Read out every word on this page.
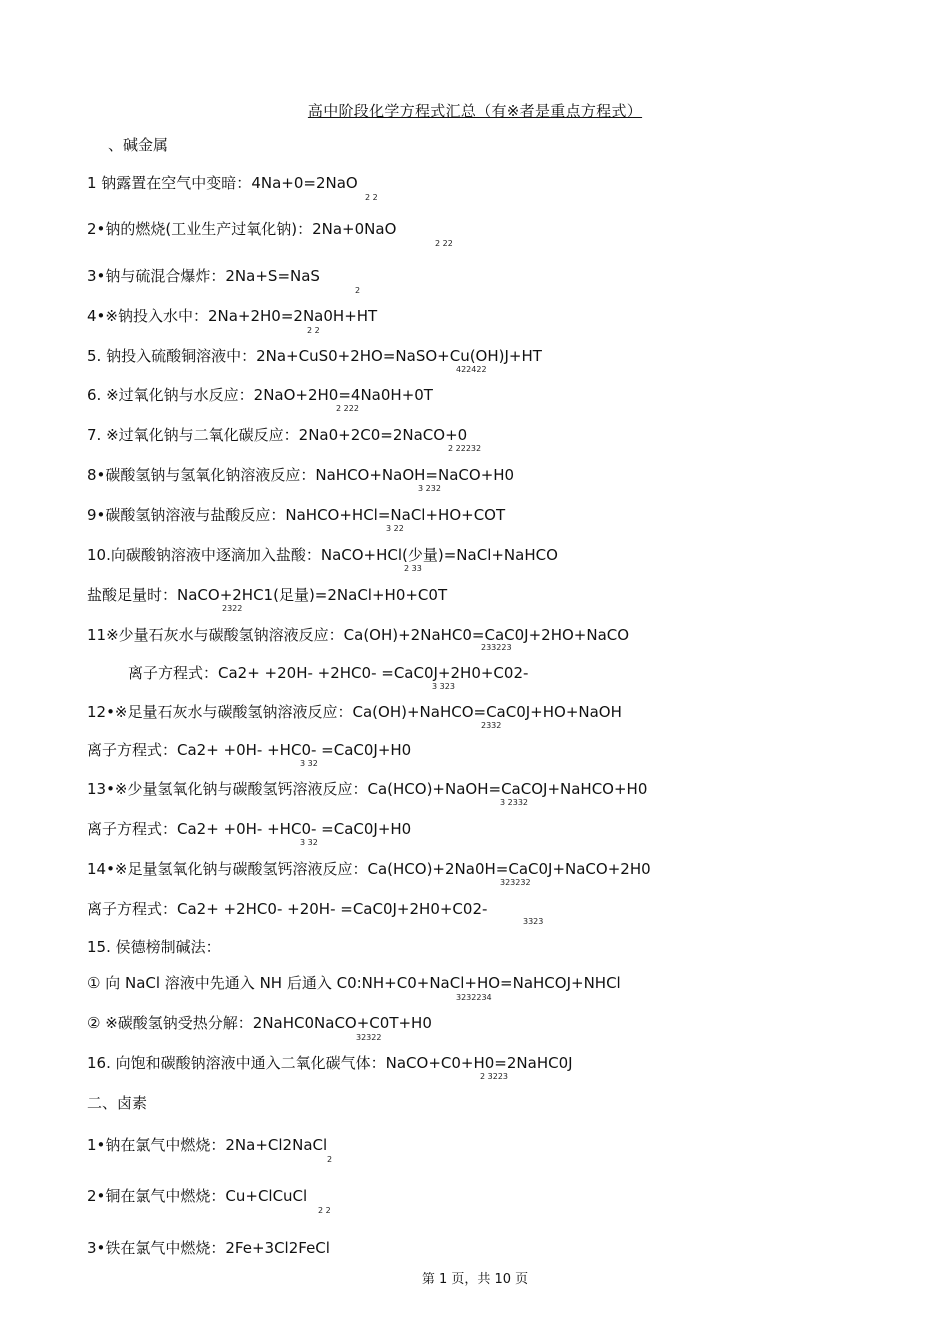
高中阶段化学方程式汇总（有※者是重点方程式）
、碱金属
1 钠露置在空气中变暗：4Na+0=2NaO
2 2
2•钠的燃烧(工业生产过氧化钠)：2Na+0NaO
2 22
3•钠与硫混合爆炸：2Na+S=NaS
2
4•※钠投入水中：2Na+2H0=2Na0H+HT
2 2
5. 钠投入硫酸铜溶液中：2Na+CuS0+2HO=NaSO+Cu(OH)J+HT
422422
6. ※过氧化钠与水反应：2NaO+2H0=4Na0H+0T
2 222
7. ※过氧化钠与二氧化碳反应：2Na0+2C0=2NaCO+0
2 22232
8•碳酸氢钠与氢氧化钠溶液反应：NaHCO+NaOH=NaCO+H0
3 232
9•碳酸氢钠溶液与盐酸反应：NaHCO+HCl=NaCl+HO+COT
3 22
10.向碳酸钠溶液中逐滴加入盐酸：NaCO+HCl(少量)=NaCl+NaHCO
2 33
盐酸足量时：NaCO+2HC1(足量)=2NaCl+H0+C0T
2322
11※少量石灰水与碳酸氢钠溶液反应：Ca(OH)+2NaHC0=CaC0J+2HO+NaCO
233223
离子方程式：Ca2+ +20H- +2HC0- =CaC0J+2H0+C02-
3 323
12•※足量石灰水与碳酸氢钠溶液反应：Ca(OH)+NaHCO=CaC0J+HO+NaOH
2332
离子方程式：Ca2+ +0H- +HC0- =CaC0J+H0
3 32
13•※少量氢氧化钠与碳酸氢钙溶液反应：Ca(HCO)+NaOH=CaCOJ+NaHCO+H0
3 2332
离子方程式：Ca2+ +0H- +HC0- =CaC0J+H0
3 32
14•※足量氢氧化钠与碳酸氢钙溶液反应：Ca(HCO)+2Na0H=CaC0J+NaCO+2H0
323232
离子方程式：Ca2+ +2HC0- +20H- =CaC0J+2H0+C02-
3323
15. 侯德榜制碱法：
① 向 NaCl 溶液中先通入 NH 后通入 C0:NH+C0+NaCl+HO=NaHCOJ+NHCl
3232234
② ※碳酸氢钠受热分解：2NaHC0NaCO+C0T+H0
32322
16. 向饱和碳酸钠溶液中通入二氧化碳气体：NaCO+C0+H0=2NaHC0J
2 3223
二、卤素
1•钠在氯气中燃烧：2Na+Cl2NaCl
2
2•铜在氯气中燃烧：Cu+ClCuCl
2 2
3•铁在氯气中燃烧：2Fe+3Cl2FeCl
第 1 页，共 10 页
